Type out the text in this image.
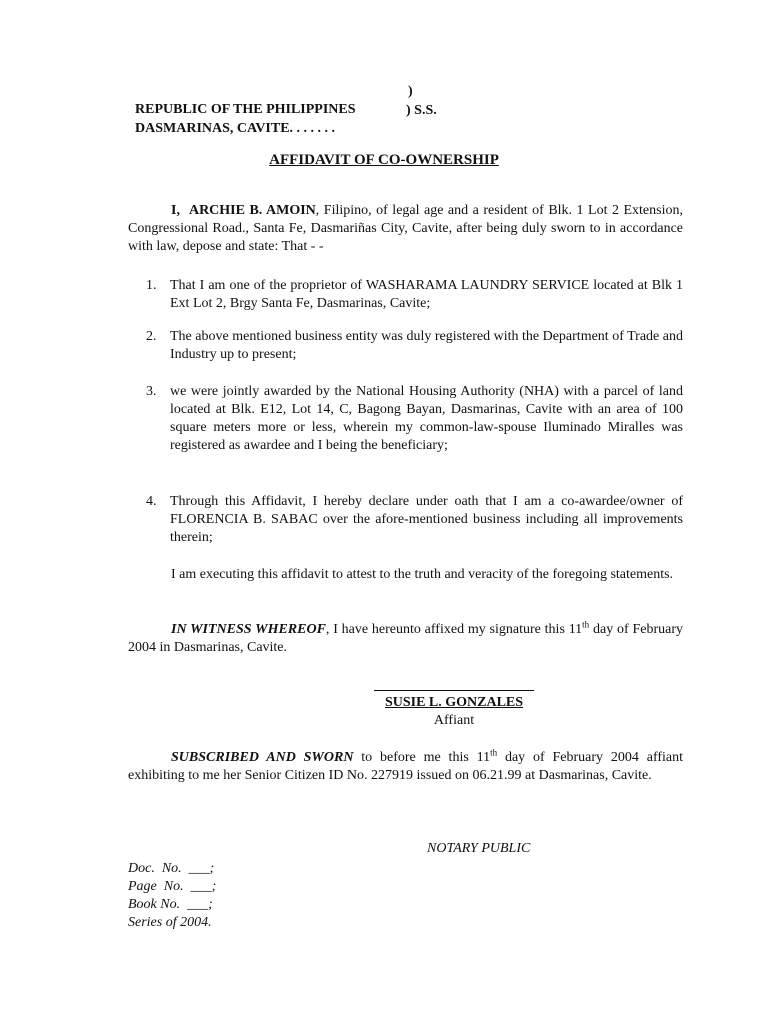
REPUBLIC OF THE PHILIPPINES

)

DASMARINAS, CAVITE. . . . . . .

) S.S.

AFFIDAVIT OF CO-OWNERSHIP

I, ARCHIE B. AMOIN, Filipino, of legal age and a resident of Blk. 1 Lot 2 Extension, Congressional Road., Santa Fe, Dasmariñas City, Cavite, after being duly sworn to in accordance with law, depose and state: That - -

1. That I am one of the proprietor of WASHARAMA LAUNDRY SERVICE located at Blk 1 Ext Lot 2, Brgy Santa Fe, Dasmarinas, Cavite;
2. The above mentioned business entity was duly registered with the Department of Trade and Industry up to present;
3. we were jointly awarded by the National Housing Authority (NHA) with a parcel of land located at Blk. E12, Lot 14, C, Bagong Bayan, Dasmarinas, Cavite with an area of 100 square meters more or less, wherein my common-law-spouse Iluminado Miralles was registered as awardee and I being the beneficiary;
4. Through this Affidavit, I hereby declare under oath that I am a co-awardee/owner of FLORENCIA B. SABAC over the afore-mentioned business including all improvements therein;

I am executing this affidavit to attest to the truth and veracity of the foregoing statements.

IN WITNESS WHEREOF, I have hereunto affixed my signature this 11th day of February 2004 in Dasmarinas, Cavite.

SUSIE L. GONZALES
Affiant

SUBSCRIBED AND SWORN to before me this 11th day of February 2004 affiant exhibiting to me her Senior Citizen ID No. 227919 issued on 06.21.99 at Dasmarinas, Cavite.

NOTARY PUBLIC
Doc.  No.  ___;
Page  No.  ___;
Book No.  ___;
Series of 2004.
